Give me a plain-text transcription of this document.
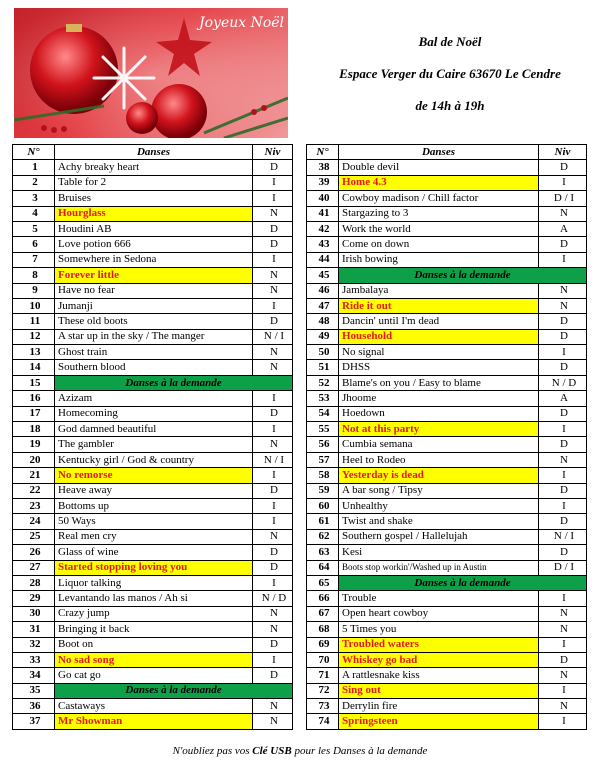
Joyeux Noël
Bal de Noël
Espace Verger du Caire 63670 Le Cendre
de 14h à 19h
N°	Danses	Niv
1	Achy breaky heart	D
2	Table for 2	I
3	Bruises	I
4	Hourglass	N
5	Houdini AB	D
6	Love potion 666	D
7	Somewhere in Sedona	I
8	Forever little	N
9	Have no fear	N
10	Jumanji	I
11	These old boots	D
12	A star up in the sky / The manger	N / I
13	Ghost train	N
14	Southern blood	N
15	Danses à la demande	
16	Azizam	I
17	Homecoming	D
18	God damned beautiful	I
19	The gambler	N
20	Kentucky girl / God & country	N / I
21	No remorse	I
22	Heave away	D
23	Bottoms up	I
24	50 Ways	I
25	Real men cry	N
26	Glass of wine	D
27	Started stopping loving you	D
28	Liquor talking	I
29	Levantando las manos / Ah si	N / D
30	Crazy jump	N
31	Bringing it back	N
32	Boot on	D
33	No sad song	I
34	Go cat go	D
35	Danses à la demande	
36	Castaways	N
37	Mr Showman	N
N°	Danses	Niv
38	Double devil	D
39	Home 4.3	I
40	Cowboy madison / Chill factor	D / I
41	Stargazing to 3	N
42	Work the world	A
43	Come on down	D
44	Irish bowing	I
45	Danses à la demande	
46	Jambalaya	N
47	Ride it out	N
48	Dancin' until I'm dead	D
49	Household	D
50	No signal	I
51	DHSS	D
52	Blame's on you / Easy to blame	N / D
53	Jhoome	A
54	Hoedown	D
55	Not at this party	I
56	Cumbia semana	D
57	Heel to Rodeo	N
58	Yesterday is dead	I
59	A bar song / Tipsy	D
60	Unhealthy	I
61	Twist and shake	D
62	Southern gospel / Hallelujah	N / I
63	Kesi	D
64	Boots stop workin'/Washed up in Austin	D / I
65	Danses à la demande	
66	Trouble	I
67	Open heart cowboy	N
68	5 Times you	N
69	Troubled waters	I
70	Whiskey go bad	D
71	A rattlesnake kiss	N
72	Sing out	I
73	Derrylin fire	N
74	Springsteen	I
N'oubliez pas vos Clé USB pour les Danses à la demande
